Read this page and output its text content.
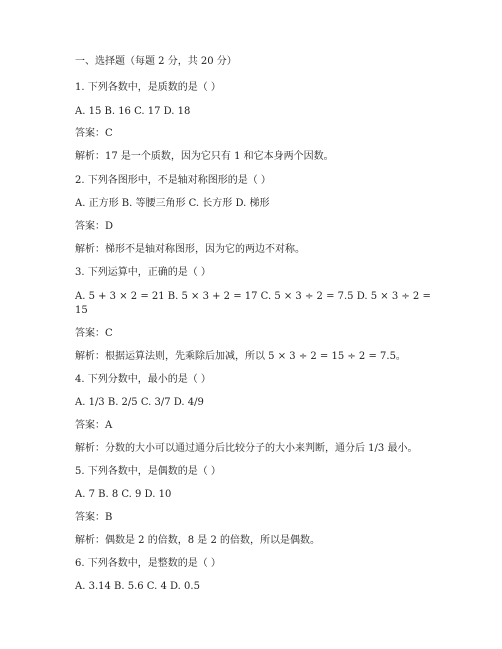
一、选择题（每题 2 分，共 20 分）
1. 下列各数中，是质数的是（ ）
A. 15 B. 16 C. 17 D. 18
答案：C
解析：17 是一个质数，因为它只有 1 和它本身两个因数。
2. 下列各图形中，不是轴对称图形的是（ ）
A. 正方形 B. 等腰三角形 C. 长方形 D. 梯形
答案：D
解析：梯形不是轴对称图形，因为它的两边不对称。
3. 下列运算中，正确的是（ ）
A. 5 + 3 × 2 = 21 B. 5 × 3 + 2 = 17 C. 5 × 3 ÷ 2 = 7.5 D. 5 × 3 ÷ 2 = 15
答案：C
解析：根据运算法则，先乘除后加减，所以 5 × 3 ÷ 2 = 15 ÷ 2 = 7.5。
4. 下列分数中，最小的是（ ）
A. 1/3 B. 2/5 C. 3/7 D. 4/9
答案：A
解析：分数的大小可以通过通分后比较分子的大小来判断，通分后 1/3 最小。
5. 下列各数中，是偶数的是（ ）
A. 7 B. 8 C. 9 D. 10
答案：B
解析：偶数是 2 的倍数，8 是 2 的倍数，所以是偶数。
6. 下列各数中，是整数的是（ ）
A. 3.14 B. 5.6 C. 4 D. 0.5
